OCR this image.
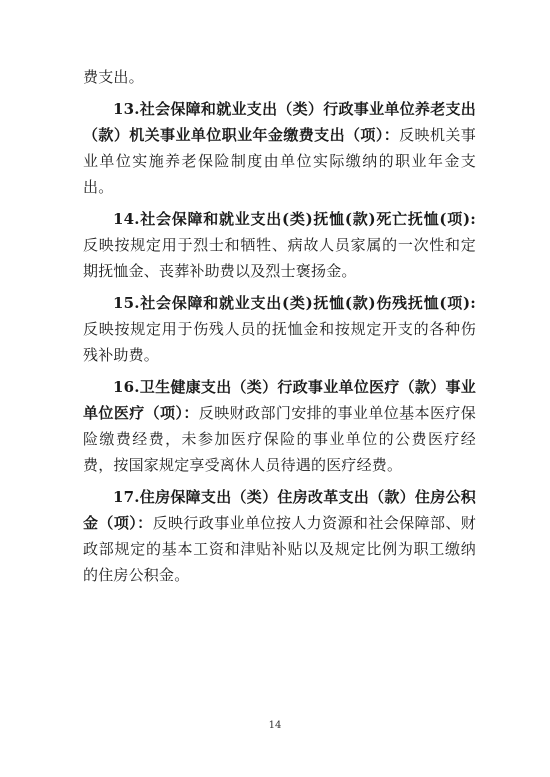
费支出。

13.社会保障和就业支出（类）行政事业单位养老支出（款）机关事业单位职业年金缴费支出（项）：反映机关事业单位实施养老保险制度由单位实际缴纳的职业年金支出。

14.社会保障和就业支出(类)抚恤(款)死亡抚恤(项):反映按规定用于烈士和牺牲、病故人员家属的一次性和定期抚恤金、丧葬补助费以及烈士褒扬金。

15.社会保障和就业支出(类)抚恤(款)伤残抚恤(项):反映按规定用于伤残人员的抚恤金和按规定开支的各种伤残补助费。

16.卫生健康支出（类）行政事业单位医疗（款）事业单位医疗（项）：反映财政部门安排的事业单位基本医疗保险缴费经费，未参加医疗保险的事业单位的公费医疗经费，按国家规定享受离休人员待遇的医疗经费。

17.住房保障支出（类）住房改革支出（款）住房公积金（项）：反映行政事业单位按人力资源和社会保障部、财政部规定的基本工资和津贴补贴以及规定比例为职工缴纳的住房公积金。

14
